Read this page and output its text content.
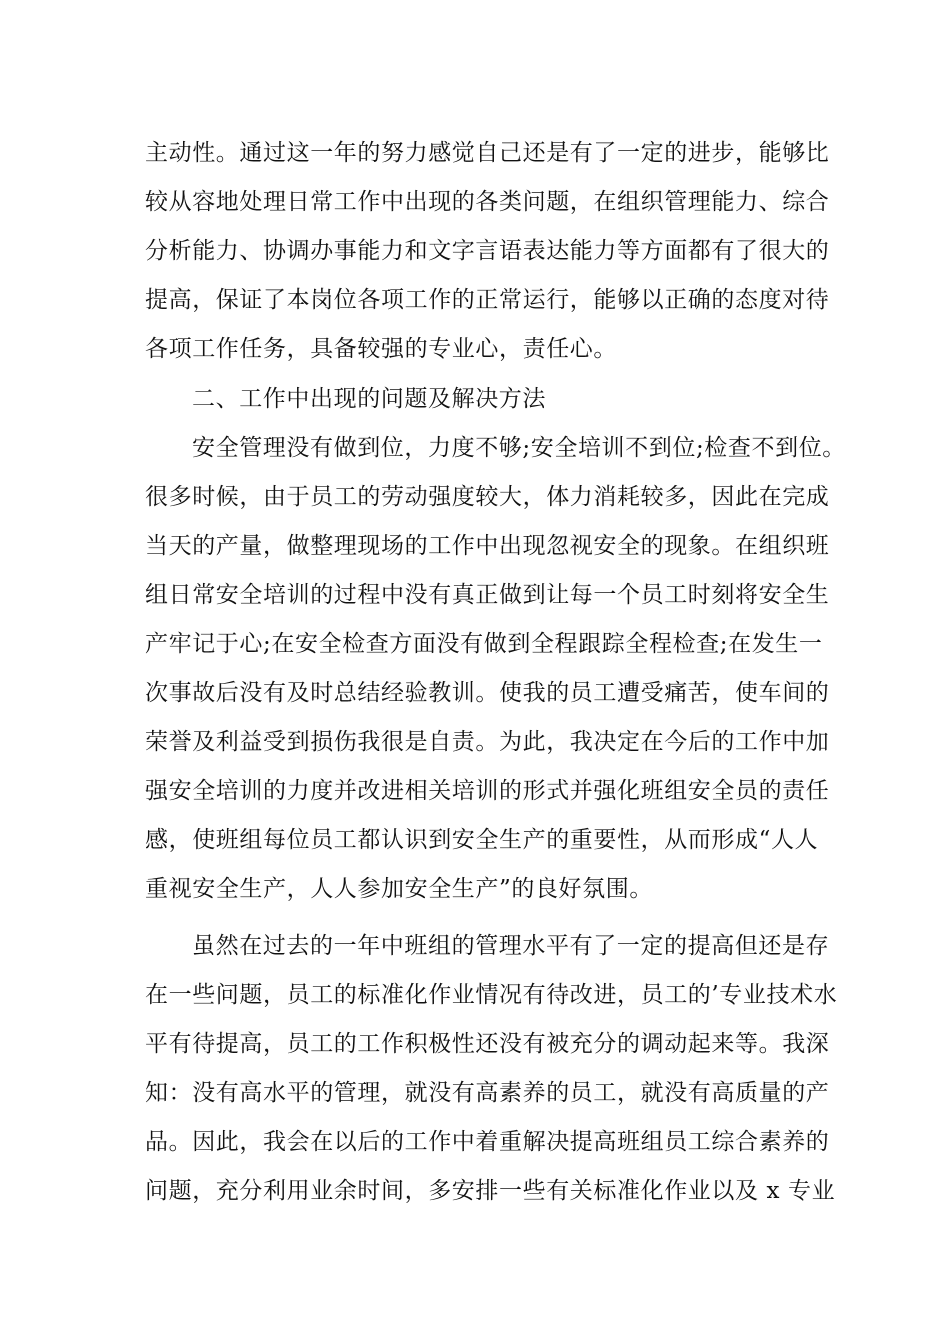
主动性。通过这一年的努力感觉自己还是有了一定的进步，能够比
较从容地处理日常工作中出现的各类问题，在组织管理能力、综合
分析能力、协调办事能力和文字言语表达能力等方面都有了很大的
提高，保证了本岗位各项工作的正常运行，能够以正确的态度对待
各项工作任务，具备较强的专业心，责任心。
二、工作中出现的问题及解决方法
安全管理没有做到位，力度不够;安全培训不到位;检查不到位。
很多时候，由于员工的劳动强度较大，体力消耗较多，因此在完成
当天的产量，做整理现场的工作中出现忽视安全的现象。在组织班
组日常安全培训的过程中没有真正做到让每一个员工时刻将安全生
产牢记于心;在安全检查方面没有做到全程跟踪全程检查;在发生一
次事故后没有及时总结经验教训。使我的员工遭受痛苦，使车间的
荣誉及利益受到损伤我很是自责。为此，我决定在今后的工作中加
强安全培训的力度并改进相关培训的形式并强化班组安全员的责任
感，使班组每位员工都认识到安全生产的重要性，从而形成“人人
重视安全生产，人人参加安全生产”的良好氛围。
虽然在过去的一年中班组的管理水平有了一定的提高但还是存
在一些问题，员工的标准化作业情况有待改进，员工的’专业技术水
平有待提高，员工的工作积极性还没有被充分的调动起来等。我深
知：没有高水平的管理，就没有高素养的员工，就没有高质量的产
品。因此，我会在以后的工作中着重解决提高班组员工综合素养的
问题，充分利用业余时间，多安排一些有关标准化作业以及 x 专业
